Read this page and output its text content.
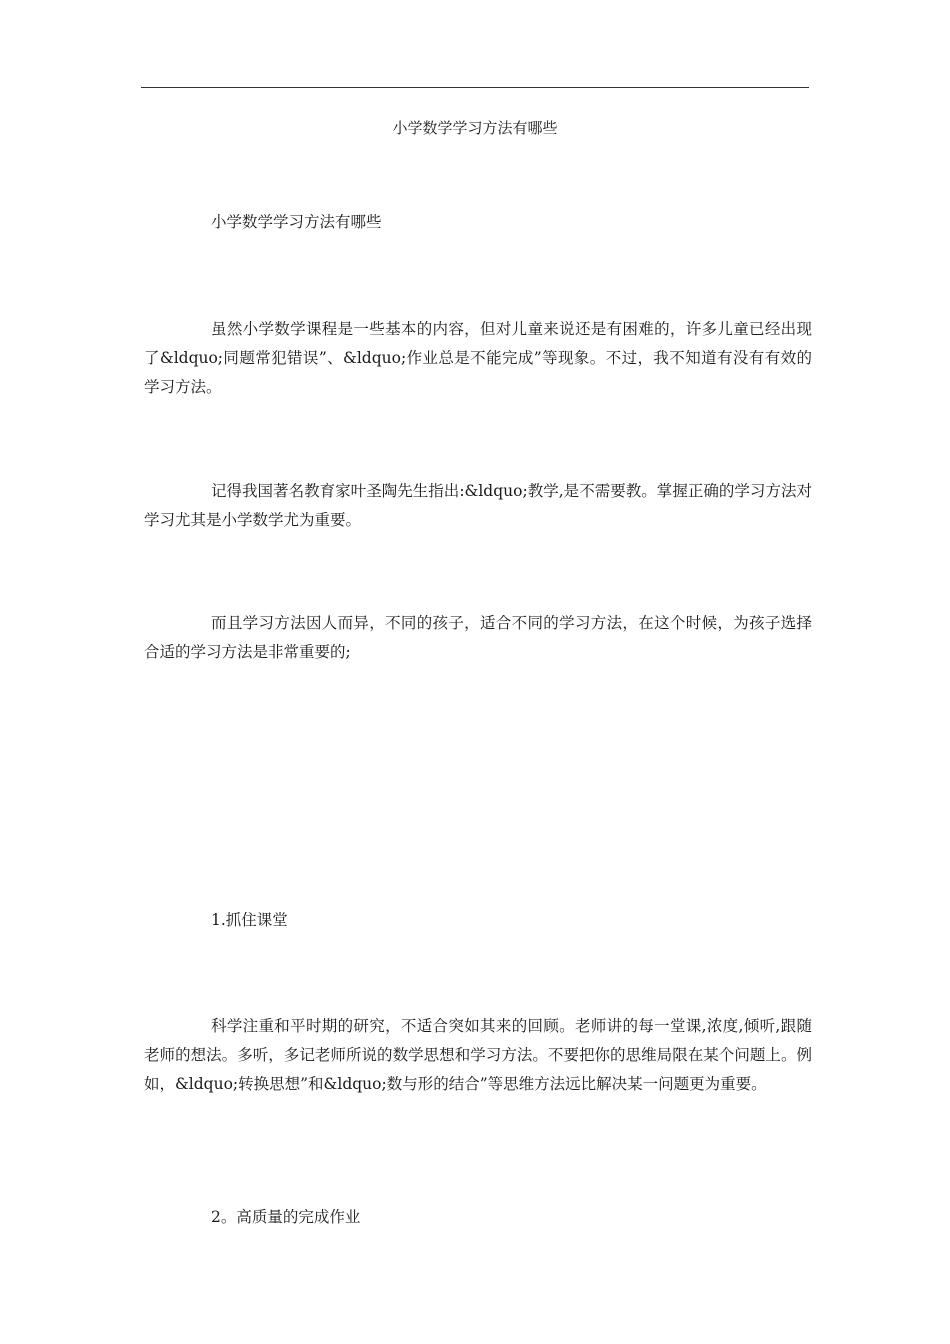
小学数学学习方法有哪些
小学数学学习方法有哪些
虽然小学数学课程是一些基本的内容，但对儿童来说还是有困难的，许多儿童已经出现了&ldquo;同题常犯错误”、&ldquo;作业总是不能完成”等现象。不过，我不知道有没有有效的学习方法。
记得我国著名教育家叶圣陶先生指出:&ldquo;教学,是不需要教。掌握正确的学习方法对学习尤其是小学数学尤为重要。
而且学习方法因人而异，不同的孩子，适合不同的学习方法，在这个时候，为孩子选择合适的学习方法是非常重要的;
1.抓住课堂
科学注重和平时期的研究，不适合突如其来的回顾。老师讲的每一堂课,浓度,倾听,跟随老师的想法。多听，多记老师所说的数学思想和学习方法。不要把你的思维局限在某个问题上。例如，&ldquo;转换思想”和&ldquo;数与形的结合”等思维方法远比解决某一问题更为重要。
2。高质量的完成作业
